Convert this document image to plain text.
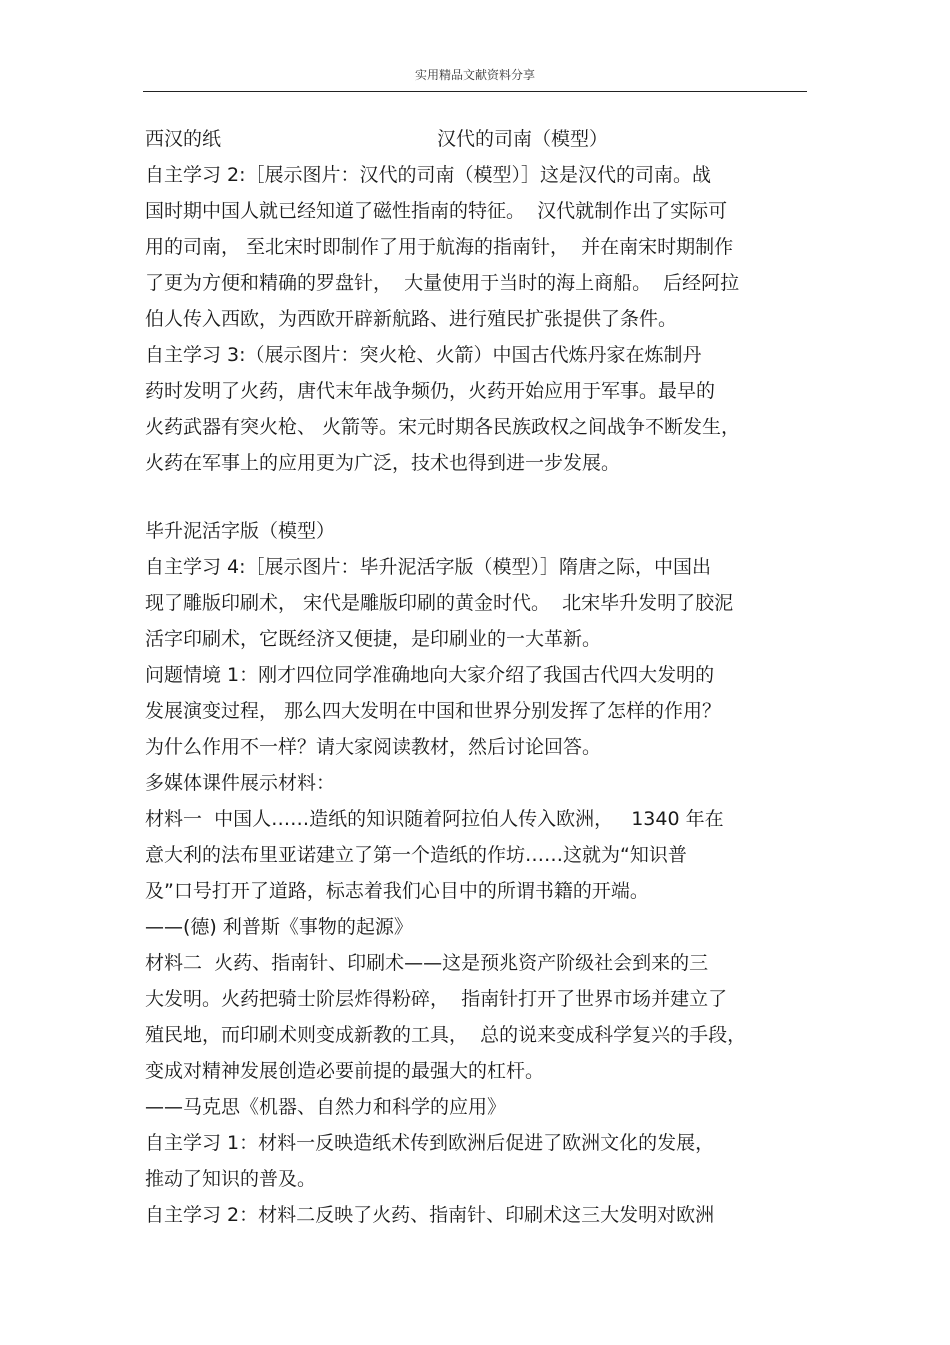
实用精品文献资料分享
西汉的纸	汉代的司南（模型）
自主学习 2:［展示图片：汉代的司南（模型）］这是汉代的司南。战
国时期中国人就已经知道了磁性指南的特征。  汉代就制作出了实际可
用的司南， 至北宋时即制作了用于航海的指南针，  并在南宋时期制作
了更为方便和精确的罗盘针，  大量使用于当时的海上商船。  后经阿拉
伯人传入西欧，为西欧开辟新航路、进行殖民扩张提供了条件。
自主学习 3:（展示图片：突火枪、火箭）中国古代炼丹家在炼制丹
药时发明了火药，唐代末年战争频仍，火药开始应用于军事。最早的
火药武器有突火枪、 火箭等。宋元时期各民族政权之间战争不断发生，
火药在军事上的应用更为广泛，技术也得到进一步发展。
毕升泥活字版（模型）
自主学习 4:［展示图片：毕升泥活字版（模型）］隋唐之际，中国出
现了雕版印刷术， 宋代是雕版印刷的黄金时代。  北宋毕升发明了胶泥
活字印刷术，它既经济又便捷，是印刷业的一大革新。
问题情境 1：刚才四位同学准确地向大家介绍了我国古代四大发明的
发展演变过程， 那么四大发明在中国和世界分别发挥了怎样的作用？
为什么作用不一样？请大家阅读教材，然后讨论回答。
多媒体课件展示材料：
材料一  中国人……造纸的知识随着阿拉伯人传入欧洲，   1340 年在
意大利的法布里亚诺建立了第一个造纸的作坊……这就为“知识普
及”口号打开了道路，标志着我们心目中的所谓书籍的开端。
——(德) 利普斯《事物的起源》
材料二  火药、指南针、印刷术——这是预兆资产阶级社会到来的三
大发明。火药把骑士阶层炸得粉碎，  指南针打开了世界市场并建立了
殖民地，而印刷术则变成新教的工具，  总的说来变成科学复兴的手段，
变成对精神发展创造必要前提的最强大的杠杆。
——马克思《机器、自然力和科学的应用》
自主学习 1：材料一反映造纸术传到欧洲后促进了欧洲文化的发展，
推动了知识的普及。
自主学习 2：材料二反映了火药、指南针、印刷术这三大发明对欧洲
